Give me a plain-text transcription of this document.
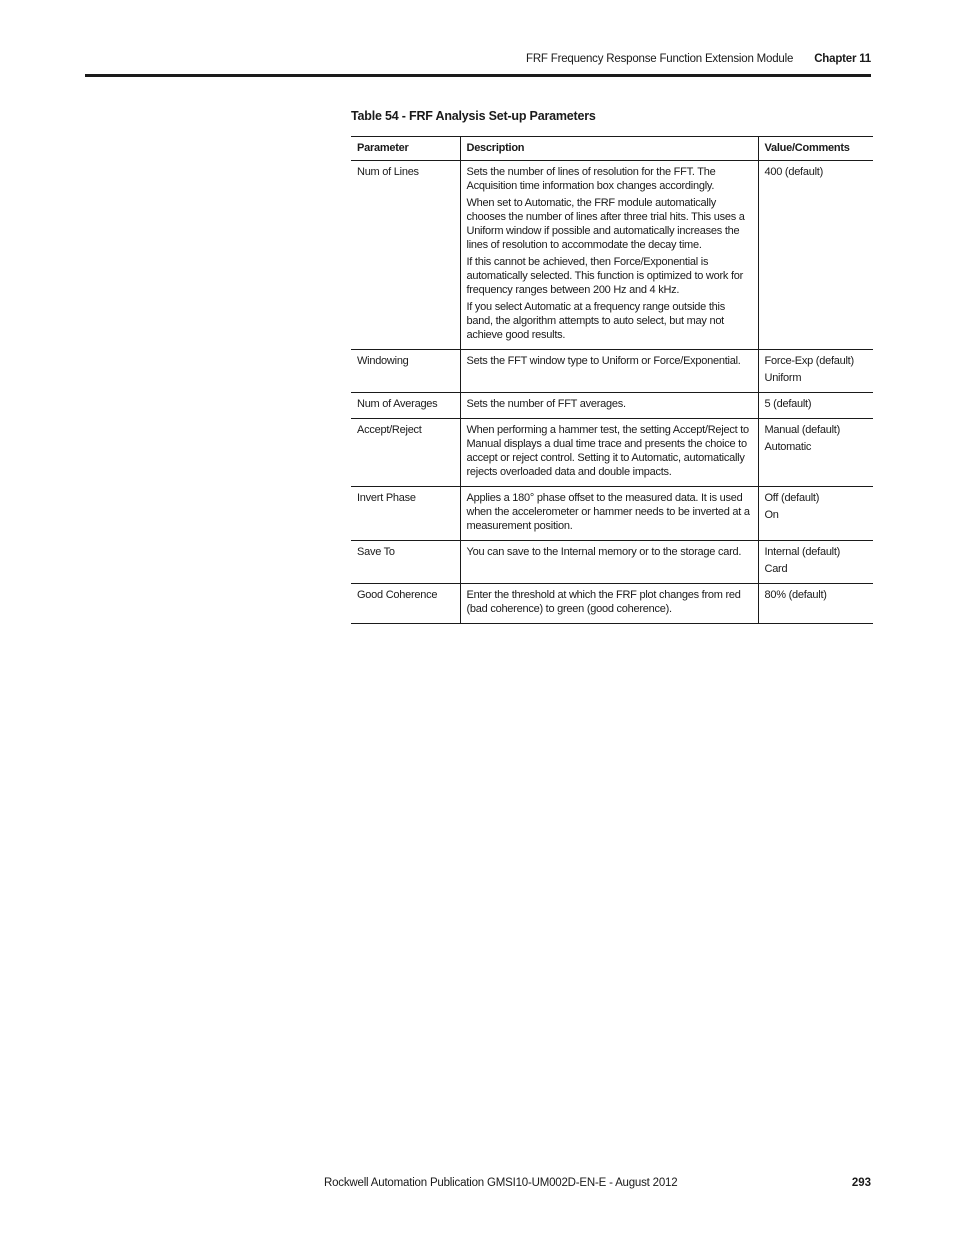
FRF Frequency Response Function Extension Module Chapter 11
Table 54 - FRF Analysis Set-up Parameters
Parameter	Description	Value/Comments
Num of Lines	Sets the number of lines of resolution for the FFT. The Acquisition time information box changes accordingly.
When set to Automatic, the FRF module automatically chooses the number of lines after three trial hits. This uses a Uniform window if possible and automatically increases the lines of resolution to accommodate the decay time.
If this cannot be achieved, then Force/Exponential is automatically selected. This function is optimized to work for frequency ranges between 200 Hz and 4 kHz.
If you select Automatic at a frequency range outside this band, the algorithm attempts to auto select, but may not achieve good results.	400 (default)

Windowing	Sets the FFT window type to Uniform or Force/Exponential.	Force-Exp (default)
Uniform

Num of Averages	Sets the number of FFT averages.	5 (default)

Accept/Reject	When performing a hammer test, the setting Accept/Reject to Manual displays a dual time trace and presents the choice to accept or reject control. Setting it to Automatic, automatically rejects overloaded data and double impacts.	Manual (default)
Automatic

Invert Phase	Applies a 180° phase offset to the measured data. It is used when the accelerometer or hammer needs to be inverted at a measurement position.	Off (default)
On

Save To	You can save to the Internal memory or to the storage card.	Internal (default)
Card

Good Coherence	Enter the threshold at which the FRF plot changes from red (bad coherence) to green (good coherence).	80% (default)
Rockwell Automation Publication GMSI10-UM002D-EN-E - August 2012	293
